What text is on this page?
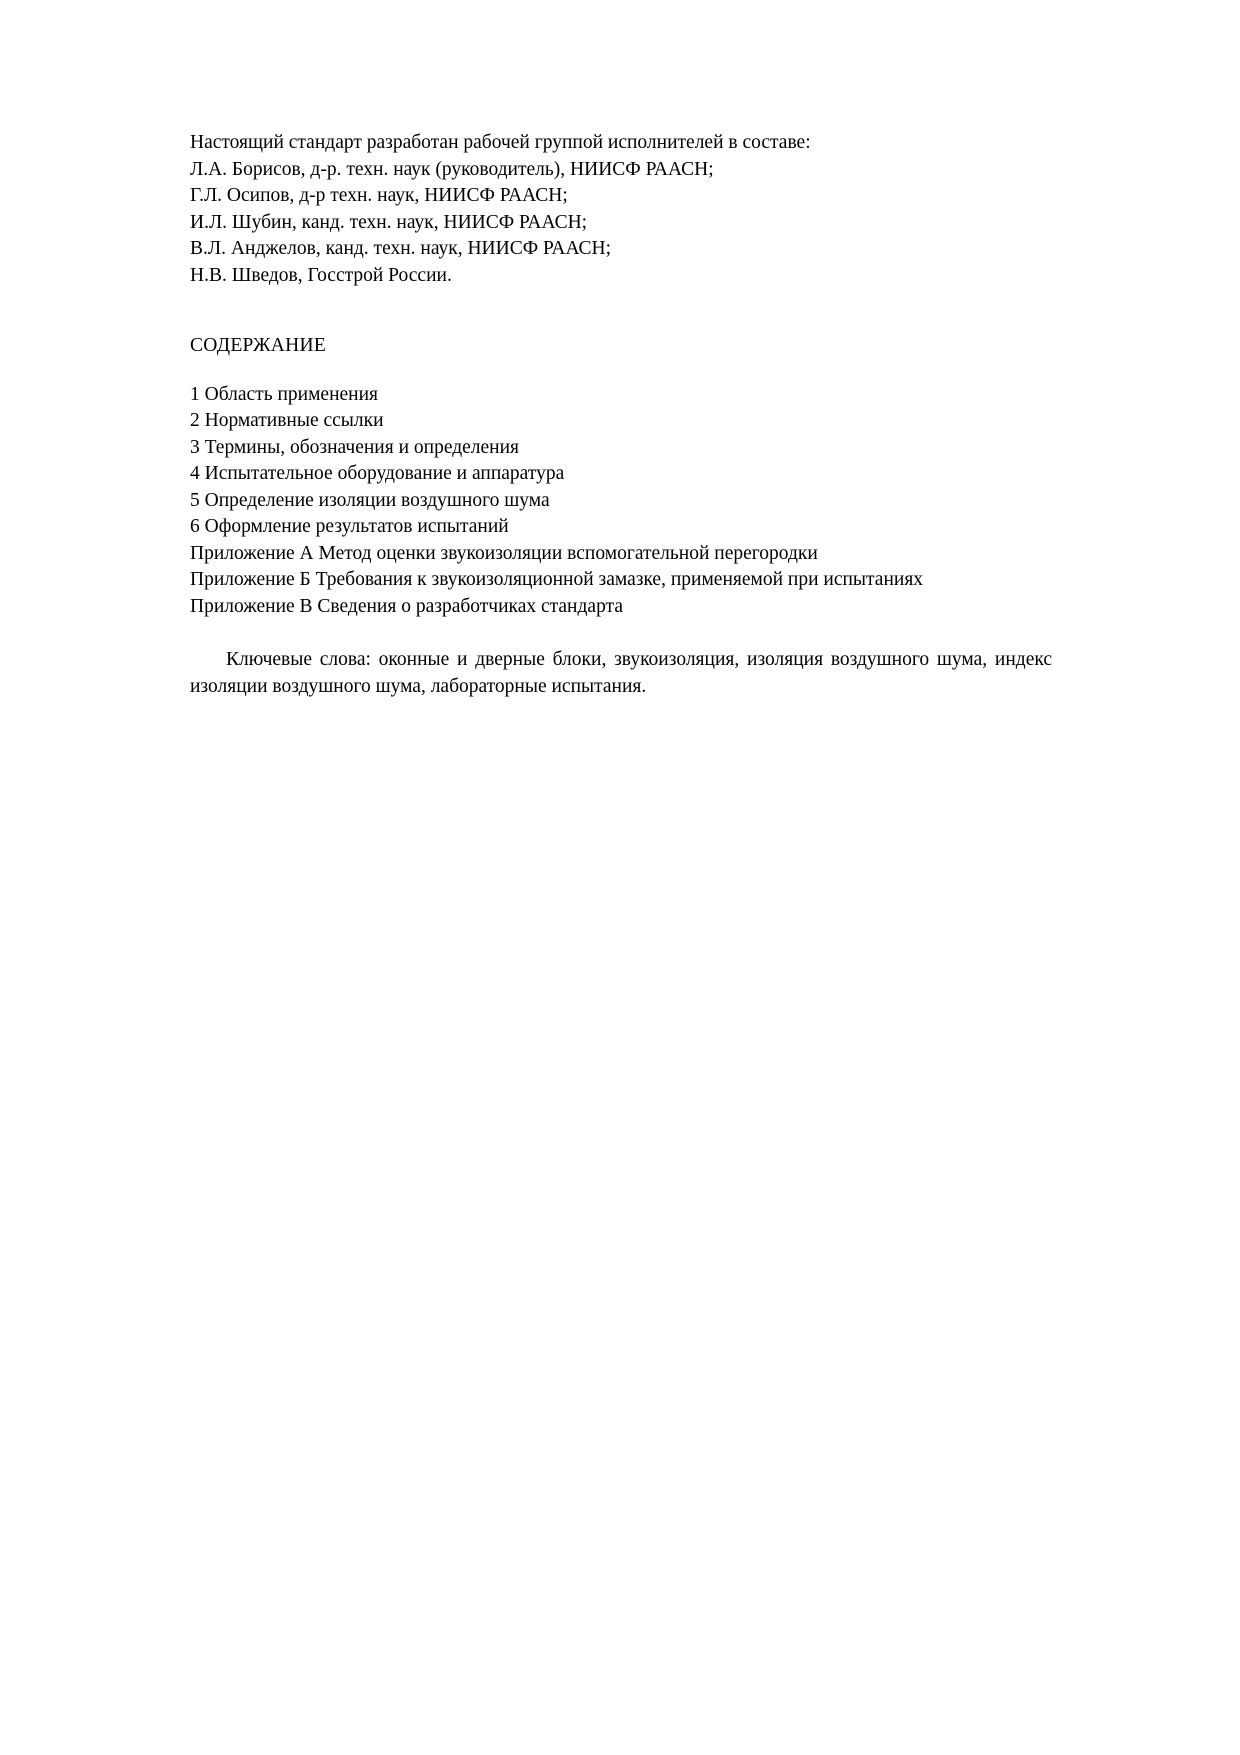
Настоящий стандарт разработан рабочей группой исполнителей в составе:
Л.А. Борисов, д-р. техн. наук (руководитель), НИИСФ РААСН;
Г.Л. Осипов, д-р техн. наук, НИИСФ РААСН;
И.Л. Шубин, канд. техн. наук, НИИСФ РААСН;
В.Л. Анджелов, канд. техн. наук, НИИСФ РААСН;
Н.В. Шведов, Госстрой России.
СОДЕРЖАНИЕ
1 Область применения
2 Нормативные ссылки
3 Термины, обозначения и определения
4 Испытательное оборудование и аппаратура
5 Определение изоляции воздушного шума
6 Оформление результатов испытаний
Приложение А Метод оценки звукоизоляции вспомогательной перегородки
Приложение Б Требования к звукоизоляционной замазке, применяемой при испытаниях
Приложение В Сведения о разработчиках стандарта
Ключевые слова: оконные и дверные блоки, звукоизоляция, изоляция воздушного шума, индекс изоляции воздушного шума, лабораторные испытания.
